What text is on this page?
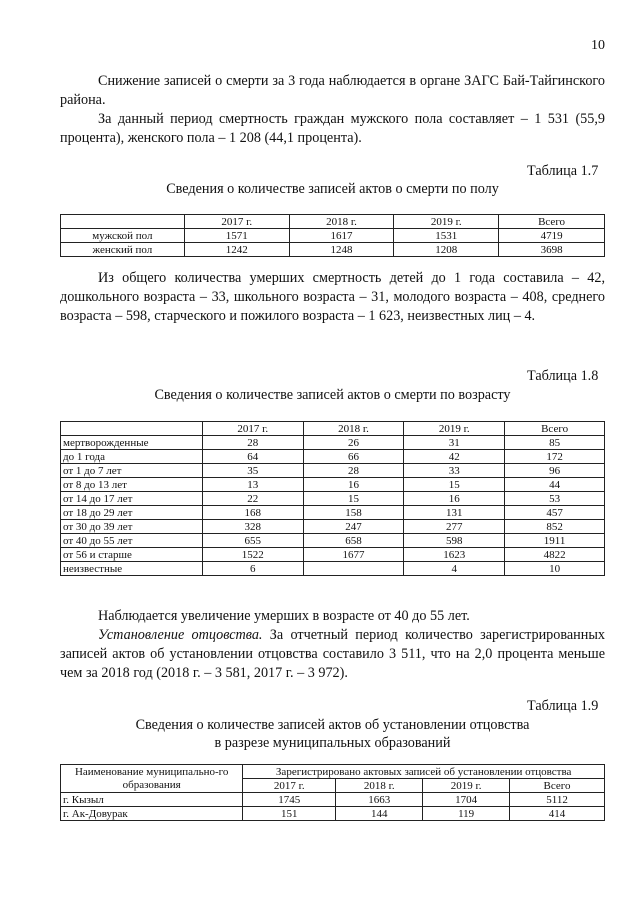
10

Снижение записей о смерти за 3 года наблюдается в органе ЗАГС Бай-Тайгинского района.

За данный период смертность граждан мужского пола составляет – 1 531 (55,9 процента), женского пола – 1 208 (44,1 процента).

Таблица 1.7

Сведения о количестве записей актов о смерти по полу

	2017 г.	2018 г.	2019 г.	Всего
мужской пол	1571	1617	1531	4719
женский пол	1242	1248	1208	3698

Из общего количества умерших смертность детей до 1 года составила – 42, дошкольного возраста – 33, школьного возраста – 31, молодого возраста – 408, среднего возраста – 598, старческого и пожилого возраста – 1 623, неизвестных лиц – 4.

Таблица 1.8

Сведения о количестве записей актов о смерти по возрасту

	2017 г.	2018 г.	2019 г.	Всего
мертворожденные	28	26	31	85
до 1 года	64	66	42	172
от 1 до 7 лет	35	28	33	96
от 8 до 13 лет	13	16	15	44
от 14 до 17 лет	22	15	16	53
от 18 до 29 лет	168	158	131	457
от 30 до 39 лет	328	247	277	852
от 40 до 55 лет	655	658	598	1911
от 56 и старше	1522	1677	1623	4822
неизвестные	6		4	10

Наблюдается увеличение умерших в возрасте от 40 до 55 лет.

Установление отцовства. За отчетный период количество зарегистрированных записей актов об установлении отцовства составило 3 511, что на 2,0 процента меньше чем за 2018 год (2018 г. – 3 581, 2017 г. – 3 972).

Таблица 1.9

Сведения о количестве записей актов об установлении отцовства

в разрезе муниципальных образований

Наименование муниципально-го образования	Зарегистрировано актовых записей об установлении отцовства			
	2017 г.	2018 г.	2019 г.	Всего
г. Кызыл	1745	1663	1704	5112
г. Ак-Довурак	151	144	119	414
